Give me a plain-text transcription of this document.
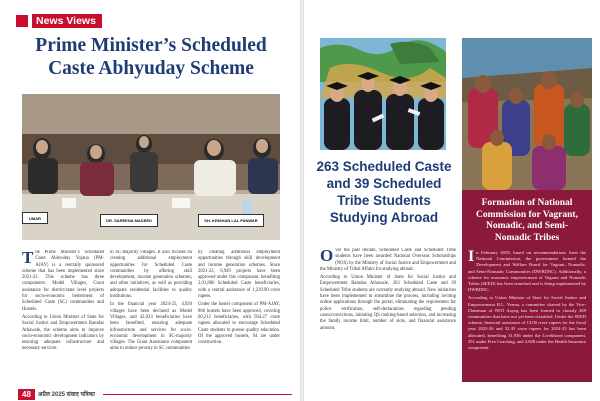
News Views
Prime Minister’s Scheduled Caste Abhyuday Scheme
UMAR	DR. SAREENA MADEED	SH. KRISHAN LAL PANWAR
T he Prime Minister’s Scheduled Caste Abhyuday Yojana (PM-AJAY) is a centrally sponsored scheme that has been implemented since 2021-22. This scheme has three components: Model Villages, Grant assistance for district/state level projects for socio-economic betterment of Scheduled Caste (SC) communities and Hostels.

According to Union Minister of State for Social Justice and Empowerment Ramdas Athawale, the scheme aims to improve socio-economic development indicators by ensuring adequate infrastructure and necessary services

in SC-majority villages. It also focuses on creating additional employment opportunities for Scheduled Caste communities by offering skill development, income generation schemes, and other initiatives, as well as providing adequate residential facilities to quality institutions.

In the financial year 2024-25, 4,920 villages have been declared as Model Villages, and 42,023 beneficiaries have been benefited, ensuring adequate infrastructure and services for socio-economic development in SC-majority villages. The Grant Assistance component aims to reduce poverty in SC communities

by creating additional employment opportunities through skill development and income generation schemes. Since 2021-22, 6,949 projects have been approved under this component, benefiting 2,01,886 Scheduled Caste beneficiaries, with a central assistance of 1,239.90 crore rupees.

Under the hostel component of PM-AJAY, 866 hostels have been approved, covering 60,212 beneficiaries, with 934.27 crore rupees allocated to encourage Scheduled Caste students to pursue quality education. Of the approved hostels, 94 are under construction.

48	अप्रैल 2025 संवाद पत्रिका
263 Scheduled Caste and 39 Scheduled Tribe Students Studying Abroad
O ver the past decade, Scheduled Caste and Scheduled Tribe students have been awarded National Overseas Scholarships (NOS) by the Ministry of Social Justice and Empowerment and the Ministry of Tribal Affairs for studying abroad.

According to Union Minister of State for Social Justice and Empowerment Ramdas Athawale, 263 Scheduled Caste and 39 Scheduled Tribe students are currently studying abroad. New initiatives have been implemented to streamline the process, including inviting online applications through the portal, eliminating the requirement for police verification, self-declarations regarding pending cases/convictions, initiating QS ranking-based selection, and increasing the family income limit, number of slots, and financial assistance amount.

Formation of National Commission for Vagrant, Nomadic, and Semi-Nomadic Tribes
I n February 2019, based on recommendations from the National Commission, the government formed the Development and Welfare Board for Vagrant, Nomadic, and Semi-Nomadic Communities (DWBDNC). Additionally, a scheme for economic empowerment of Vagrant and Nomadic Tribes (SEED) has been launched and is being implemented by DWBDNC.

According to Union Minister of State for Social Justice and Empowerment B.L. Verma, a committee chaired by the Vice-Chairman of NITI Aayog has been formed to classify 269 communities that have not yet been classified. Under the SEED scheme, financial assistance of 13.00 crore rupees for the fiscal year 2025-26 and 32.45 crore rupees for 2024-25 has been allocated, benefiting 31,936 under the Livelihood component, 351 under Free Coaching, and 2,608 under the Health Insurance component.
